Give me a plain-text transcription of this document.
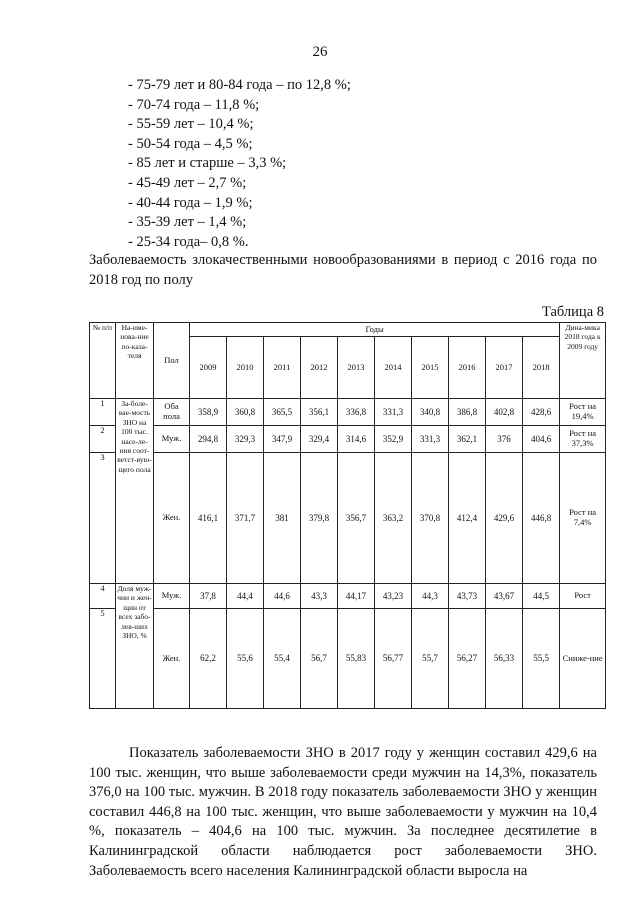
26
- 75-79 лет и 80-84 года – по 12,8 %;
- 70-74 года – 11,8 %;
- 55-59 лет – 10,4 %;
- 50-54 года – 4,5 %;
- 85 лет и старше – 3,3 %;
- 45-49 лет – 2,7 %;
- 40-44 года – 1,9 %;
- 35-39 лет – 1,4 %;
- 25-34 года– 0,8 %.
Заболеваемость злокачественными новообразованиями в период с 2016 года по 2018 год по полу
Таблица 8
№ п/п	На-име-нова-ние по-каза-теля	Пол	Годы										Дина-мика 2018 года к 2009 году
			2009	2010	2011	2012	2013	2014	2015	2016	2017	2018	
1	За-боле-вае-мость ЗНО на 100 тыс. насе-ле-ния соот-ветст-вую-щего пола	Оба пола	358,9	360,8	365,5	356,1	336,8	331,3	340,8	386,8	402,8	428,6	Рост на 19,4%
2		Муж.	294,8	329,3	347,9	329,4	314,6	352,9	331,3	362,1	376	404,6	Рост на 37,3%
3		Жен.	416,1	371,7	381	379,8	356,7	363,2	370,8	412,4	429,6	446,8	Рост на 7,4%
4	Доля муж-чин и жен-щин от всех забо-лев-ших ЗНО, %	Муж.	37,8	44,4	44,6	43,3	44,17	43,23	44,3	43,73	43,67	44,5	Рост
5		Жен.	62,2	55,6	55,4	56,7	55,83	56,77	55,7	56,27	56,33	55,5	Сниже-ние

Показатель заболеваемости ЗНО в 2017 году у женщин составил 429,6 на 100 тыс. женщин, что выше заболеваемости среди мужчин на 14,3%, показатель 376,0 на 100 тыс. мужчин. В 2018 году показатель заболеваемости ЗНО у женщин составил 446,8 на 100 тыс. женщин, что выше заболеваемости у мужчин на 10,4 %, показатель – 404,6 на 100 тыс. мужчин. За последнее десятилетие в Калининградской области наблюдается рост заболеваемости ЗНО. Заболеваемость всего населения Калининградской области выросла на
